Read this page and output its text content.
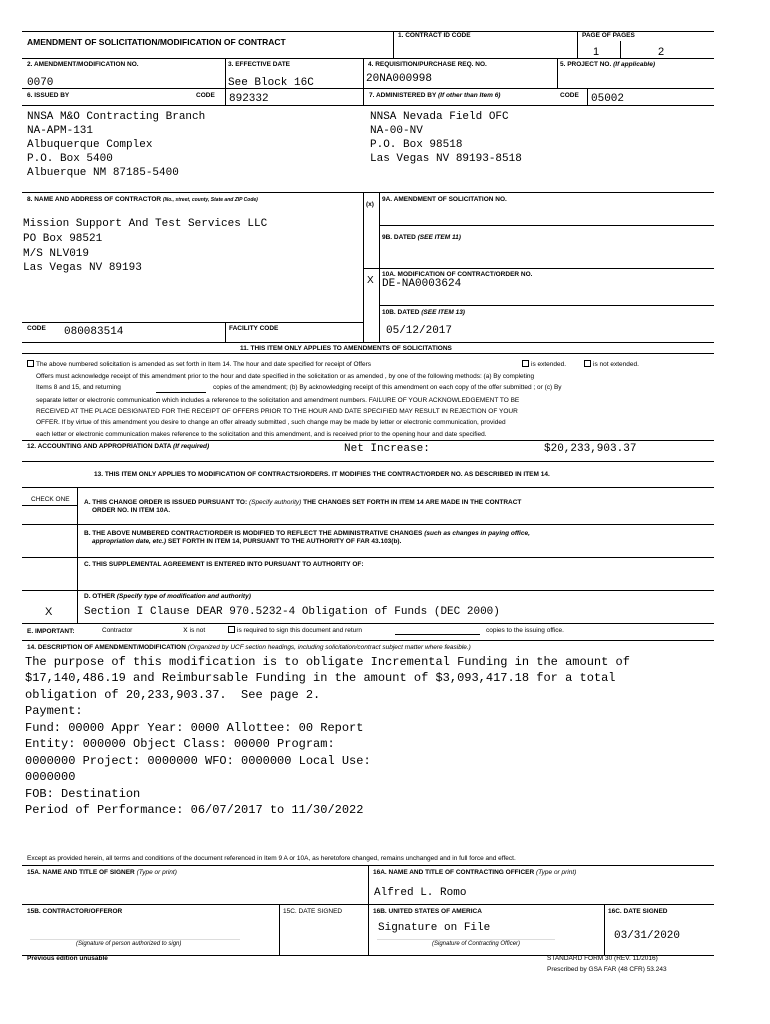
AMENDMENT OF SOLICITATION/MODIFICATION OF CONTRACT
1. CONTRACT ID CODE	PAGE OF PAGES
1	2
2. AMENDMENT/MODIFICATION NO.
0070
3. EFFECTIVE DATE
See Block 16C
4. REQUISITION/PURCHASE REQ. NO.
20NA000998
5. PROJECT NO. (If applicable)
6. ISSUED BY	CODE 892332	7. ADMINISTERED BY (If other than Item 6)	CODE 05002
NNSA M&O Contracting Branch
NA-APM-131
Albuquerque Complex
P.O. Box 5400
Albuerque NM 87185-5400
NNSA Nevada Field OFC
NA-00-NV
P.O. Box 98518
Las Vegas NV 89193-8518
8. NAME AND ADDRESS OF CONTRACTOR (No., street, county, State and ZIP Code)
(x)
9A. AMENDMENT OF SOLICITATION NO.
9B. DATED (SEE ITEM 11)
X
10A. MODIFICATION OF CONTRACT/ORDER NO.
DE-NA0003624
10B. DATED (SEE ITEM 13)
05/12/2017
Mission Support And Test Services LLC
PO Box 98521
M/S NLV019
Las Vegas NV 89193
CODE 080083514	FACILITY CODE
11. THIS ITEM ONLY APPLIES TO AMENDMENTS OF SOLICITATIONS
The above numbered solicitation is amended as set forth in Item 14. The hour and date specified for receipt of Offers	is extended.	is not extended.
Offers must acknowledge receipt of this amendment prior to the hour and date specified in the solicitation or as amended , by one of the following methods: (a) By completing
Items 8 and 15, and returning	copies of the amendment; (b) By acknowledging receipt of this amendment on each copy of the offer submitted ; or (c) By
separate letter or electronic communication which includes a reference to the solicitation and amendment numbers. FAILURE OF YOUR ACKNOWLEDGEMENT TO BE
RECEIVED AT THE PLACE DESIGNATED FOR THE RECEIPT OF OFFERS PRIOR TO THE HOUR AND DATE SPECIFIED MAY RESULT IN REJECTION OF YOUR
OFFER. If by virtue of this amendment you desire to change an offer already submitted , such change may be made by letter or electronic communication, provided
each letter or electronic communication makes reference to the solicitation and this amendment, and is received prior to the opening hour and date specified.
12. ACCOUNTING AND APPROPRIATION DATA (If required)	Net Increase:	$20,233,903.37
13. THIS ITEM ONLY APPLIES TO MODIFICATION OF CONTRACTS/ORDERS. IT MODIFIES THE CONTRACT/ORDER NO. AS DESCRIBED IN ITEM 14.
CHECK ONE A. THIS CHANGE ORDER IS ISSUED PURSUANT TO: (Specify authority) THE CHANGES SET FORTH IN ITEM 14 ARE MADE IN THE CONTRACT
ORDER NO. IN ITEM 10A.
B. THE ABOVE NUMBERED CONTRACT/ORDER IS MODIFIED TO REFLECT THE ADMINISTRATIVE CHANGES (such as changes in paying office,
appropriation date, etc.) SET FORTH IN ITEM 14, PURSUANT TO THE AUTHORITY OF FAR 43.103(b).
C. THIS SUPPLEMENTAL AGREEMENT IS ENTERED INTO PURSUANT TO AUTHORITY OF:
D. OTHER (Specify type of modification and authority)
X	Section I Clause DEAR 970.5232-4 Obligation of Funds (DEC 2000)
E. IMPORTANT:	Contractor	x is not	is required to sign this document and return	copies to the issuing office.
14. DESCRIPTION OF AMENDMENT/MODIFICATION (Organized by UCF section headings, including solicitation/contract subject matter where feasible.)
The purpose of this modification is to obligate Incremental Funding in the amount of
$17,140,486.19 and Reimbursable Funding in the amount of $3,093,417.18 for a total
obligation of 20,233,903.37.  See page 2.
Payment:
Fund: 00000 Appr Year: 0000 Allottee: 00 Report
Entity: 000000 Object Class: 00000 Program:
0000000 Project: 0000000 WFO: 0000000 Local Use:
0000000
FOB: Destination
Period of Performance: 06/07/2017 to 11/30/2022
Except as provided herein, all terms and conditions of the document referenced in Item 9 A or 10A, as heretofore changed, remains unchanged and in full force and effect.
15A. NAME AND TITLE OF SIGNER (Type or print)	16A. NAME AND TITLE OF CONTRACTING OFFICER (Type or print)
Alfred L. Romo
15B. CONTRACTOR/OFFEROR	15C. DATE SIGNED	16B. UNITED STATES OF AMERICA	16C. DATE SIGNED
Signature on File
03/31/2020
(Signature of person authorized to sign)	(Signature of Contracting Officer)
Previous edition unusable	STANDARD FORM 30 (REV. 11/2016)
Prescribed by GSA FAR (48 CFR) 53.243
